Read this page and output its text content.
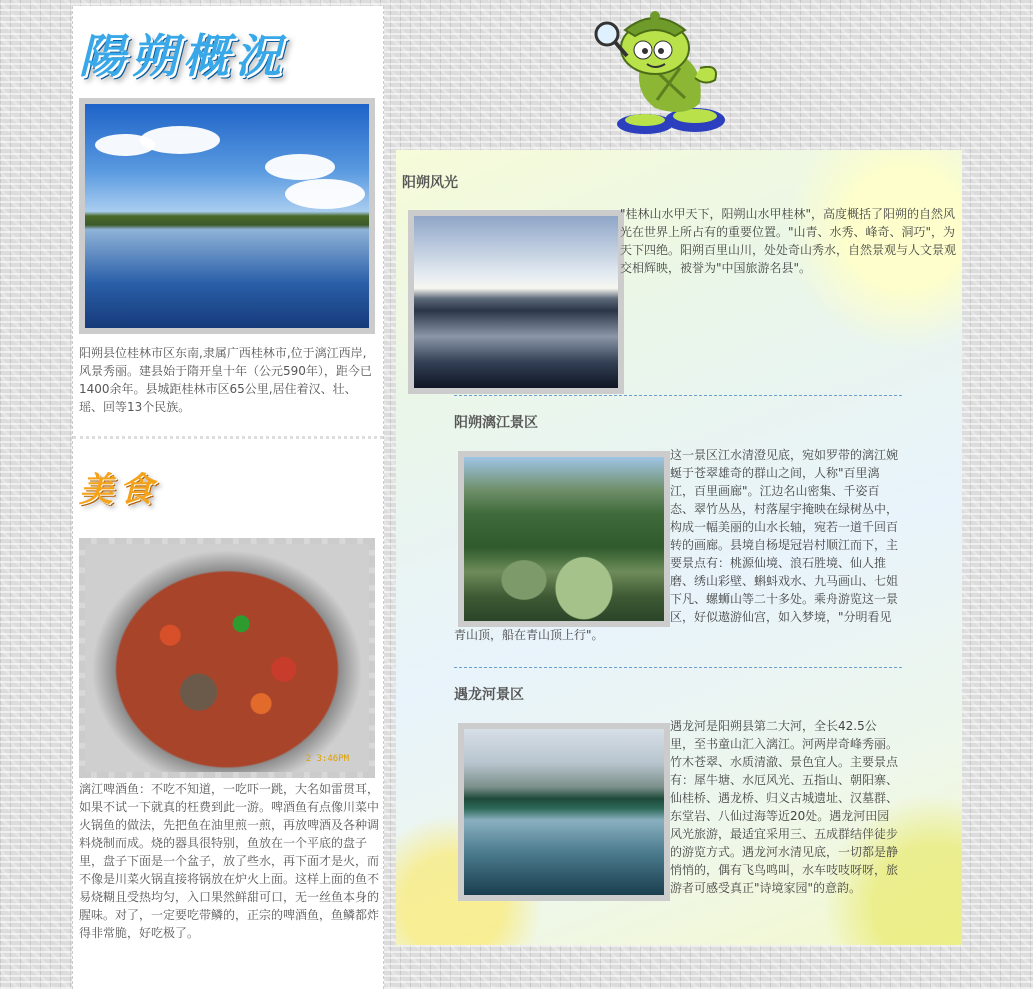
陽朔概況
阳朔县位桂林市区东南,隶属广西桂林市,位于漓江西岸,风景秀丽。建县始于隋开皇十年（公元590年），距今已1400余年。县城距桂林市区65公里,居住着汉、壮、瑶、回等13个民族。
美食
2 3:46PM
漓江啤酒鱼：不吃不知道，一吃吓一跳，大名如雷贯耳，如果不试一下就真的枉费到此一游。啤酒鱼有点像川菜中火锅鱼的做法，先把鱼在油里煎一煎，再放啤酒及各种调料烧制而成。烧的器具很特别，鱼放在一个平底的盘子里，盘子下面是一个盆子，放了些水，再下面才是火，而不像是川菜火锅直接将锅放在炉火上面。这样上面的鱼不易烧糊且受热均匀，入口果然鲜甜可口，无一丝鱼本身的腥味。对了，一定要吃带鳞的，正宗的啤酒鱼，鱼鳞都炸得非常脆，好吃极了。
阳朔风光
"桂林山水甲天下，阳朔山水甲桂林"，高度概括了阳朔的自然风光在世界上所占有的重要位置。"山青、水秀、峰奇、洞巧"，为天下四绝。阳朔百里山川，处处奇山秀水，自然景观与人文景观交相辉映，被誉为"中国旅游名县"。
阳朔漓江景区
这一景区江水清澄见底，宛如罗带的漓江婉蜒于苍翠雄奇的群山之间，人称"百里漓江，百里画廊"。江边名山密集、千姿百态、翠竹丛丛，村落屋宇掩映在绿树丛中，构成一幅美丽的山水长轴，宛若一道千回百转的画廊。县境自杨堤冠岩村顺江而下，主要景点有：桃源仙境、浪石胜境、仙人推磨、绣山彩壁、蝌蚪戏水、九马画山、七姐下凡、螺蛳山等二十多处。乘舟游览这一景区，好似遨游仙宫，如入梦境，"分明看见青山顶，船在青山顶上行"。
遇龙河景区
遇龙河是阳朔县第二大河，全长42.5公里，至书童山汇入漓江。河两岸奇峰秀丽。竹木苍翠、水质清澈、景色宜人。主要景点有：犀牛塘、水厄风光、五指山、朝阳寨、仙桂桥、遇龙桥、归义古城遗址、汉墓群、东堂岩、八仙过海等近20处。遇龙河田园风光旅游，最适宜采用三、五成群结伴徒步的游览方式。遇龙河水清见底，一切都是静悄悄的，偶有飞鸟鸣叫，水车吱吱呀呀，旅游者可感受真正"诗境家园"的意韵。
